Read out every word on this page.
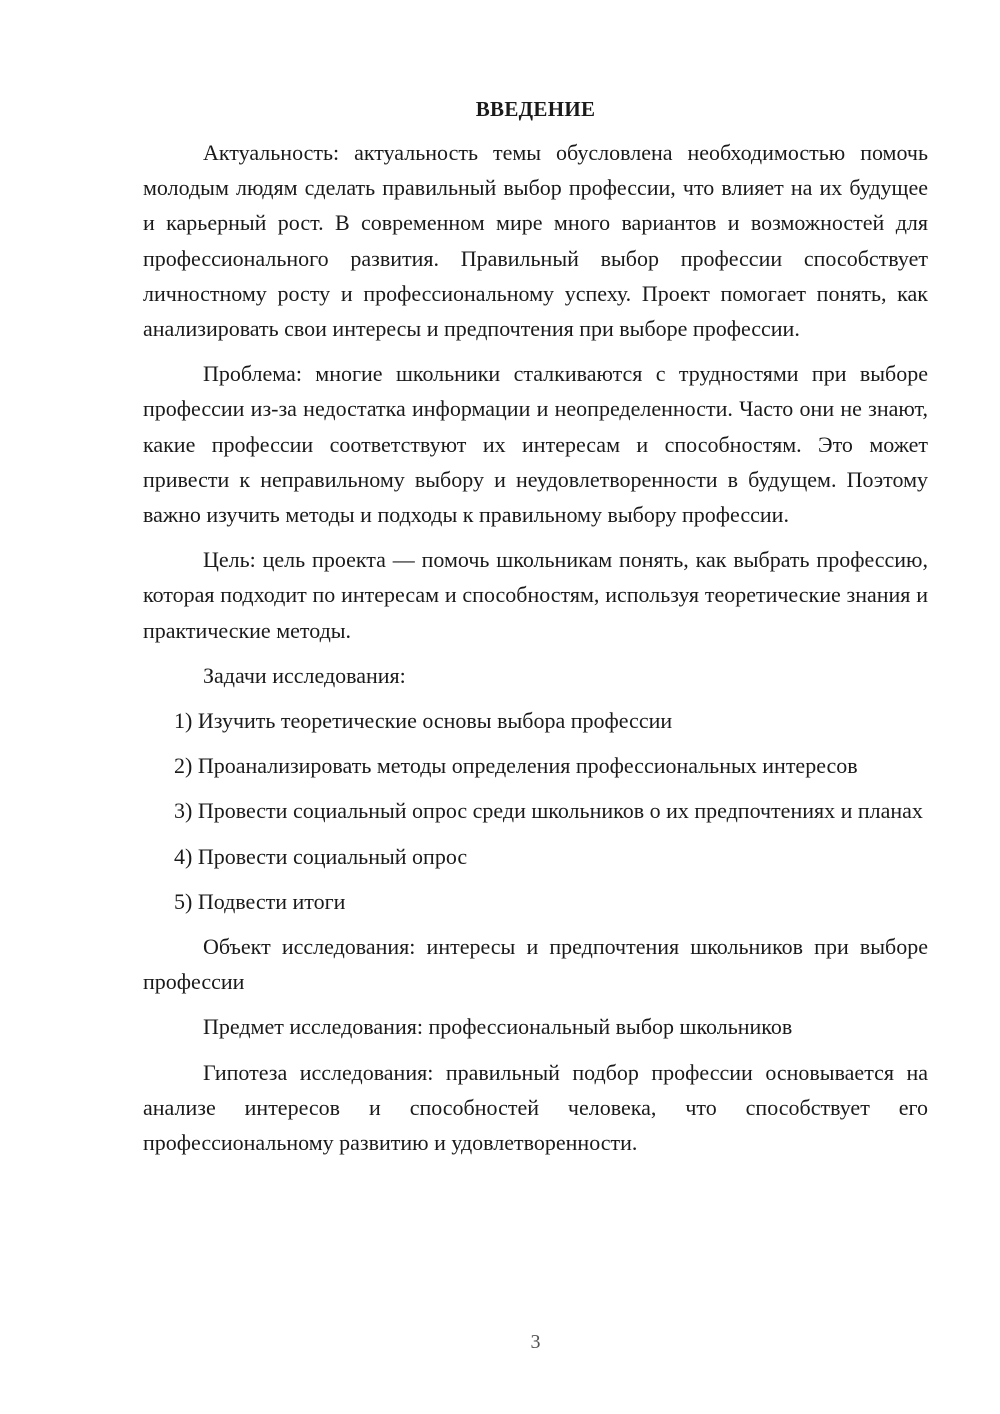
ВВЕДЕНИЕ

Актуальность: актуальность темы обусловлена необходимостью помочь молодым людям сделать правильный выбор профессии, что влияет на их будущее и карьерный рост. В современном мире много вариантов и возможностей для профессионального развития. Правильный выбор профессии способствует личностному росту и профессиональному успеху. Проект помогает понять, как анализировать свои интересы и предпочтения при выборе профессии.

Проблема: многие школьники сталкиваются с трудностями при выборе профессии из-за недостатка информации и неопределенности. Часто они не знают, какие профессии соответствуют их интересам и способностям. Это может привести к неправильному выбору и неудовлетворенности в будущем. Поэтому важно изучить методы и подходы к правильному выбору профессии.

Цель: цель проекта — помочь школьникам понять, как выбрать профессию, которая подходит по интересам и способностям, используя теоретические знания и практические методы.

Задачи исследования:

1) Изучить теоретические основы выбора профессии

2) Проанализировать методы определения профессиональных интересов

3) Провести социальный опрос среди школьников о их предпочтениях и планах

4) Провести социальный опрос

5) Подвести итоги

Объект исследования: интересы и предпочтения школьников при выборе профессии

Предмет исследования: профессиональный выбор школьников

Гипотеза исследования: правильный подбор профессии основывается на анализе интересов и способностей человека, что способствует его профессиональному развитию и удовлетворенности.

3
